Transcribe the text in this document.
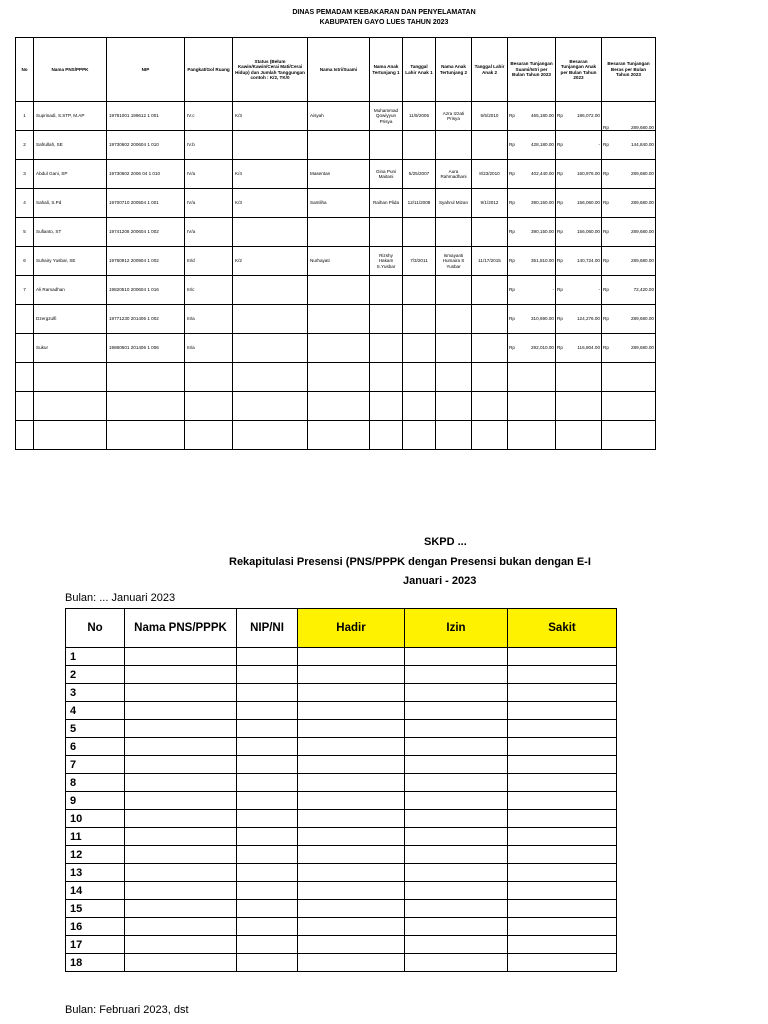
DINAS PEMADAM KEBAKARAN DAN PENYELAMATAN
KABUPATEN GAYO LUES TAHUN 2023
No	Nama PNS/PPPK	NIP	Pangkat/Gol Ruang	Status (Belum Kawin/Kawin/Cerai Mati/Cerai Hidup) dan Jumlah Tanggungan contoh : K/2, TK/0	Nama Istri/Suami	Nama Anak Tertunjang 1	Tanggal Lahir Anak 1	Nama Anak Tertunjang 2	Tanggal Lahir Anak 2	Besaran Tunjangan Suami/Istri per Bulan Tahun 2023	Besaran Tunjangan Anak per Bulan Tahun 2023	Besaran Tunjangan Beras per Bulan Tahun 2023
1	Suprinadi, S.STP, M.AP	19781001 199612 1 001	IV.c	K/3	Aisyah	Muhammad Qowiyyun Prisya	11/9/2006	Azra Izzati Prisya	5/5/2010	Rp 465,180.00	Rp 186,072.00	Rp 289,680.00

2	Safrullah, SE	19730602 200604 1 010	IV.b							Rp 428,180.00	Rp -	Rp 144,840.00

3	Abdul Gani, SP	19730602 2006 04 1 010	IV/a	K/4	Masentan	Gina Puni Maitani	5/25/2007	Aura Rahmadhani	8/23/2010	Rp 402,440.00	Rp 160,976.00	Rp 289,680.00

4	Sahali, S.Pd	19700710 200504 1 001	IV/a	K/3	Samliha	Raihan Plida	12/11/2008	Syahrul Mizan	9/1/2012	Rp 390,150.00	Rp 156,060.00	Rp 289,680.00

5	Sufianto, ST	19741208 200604 1 002	IV/a							Rp 390,150.00	Rp 156,060.00	Rp 289,680.00

6	Suhairy Yusbar, SE	19760912 200904 1 002	III/d	K/2	Nurhayati	Rizshy Hakam S.Yusbar	7/3/2011	Ismayanti Humaira S Yusbar	11/17/2015	Rp 351,810.00	Rp 140,724.00	Rp 289,680.00

7	Ali Ramadhan	19820510 200604 1 016	III/c							Rp -	Rp -	Rp 72,420.00

	Dzergzulfi	19771230 201406 1 002	III/a							Rp 310,690.00	Rp 124,276.00	Rp 289,680.00

	Sukur	19860601 201406 1 006	III/a							Rp 292,010.00	Rp 116,804.00	Rp 289,680.00

SKPD ...
Rekapitulasi Presensi (PNS/PPPK dengan Presensi bukan dengan E-I
Januari - 2023
Bulan: ... Januari 2023
No	Nama PNS/PPPK	NIP/NI	Hadir	Izin	Sakit
1					
2					
3					
4					
5					
6					
7					
8					
9					
10					
11					
12					
13					
14					
15					
16					
17					
18					
Bulan: Februari 2023, dst
